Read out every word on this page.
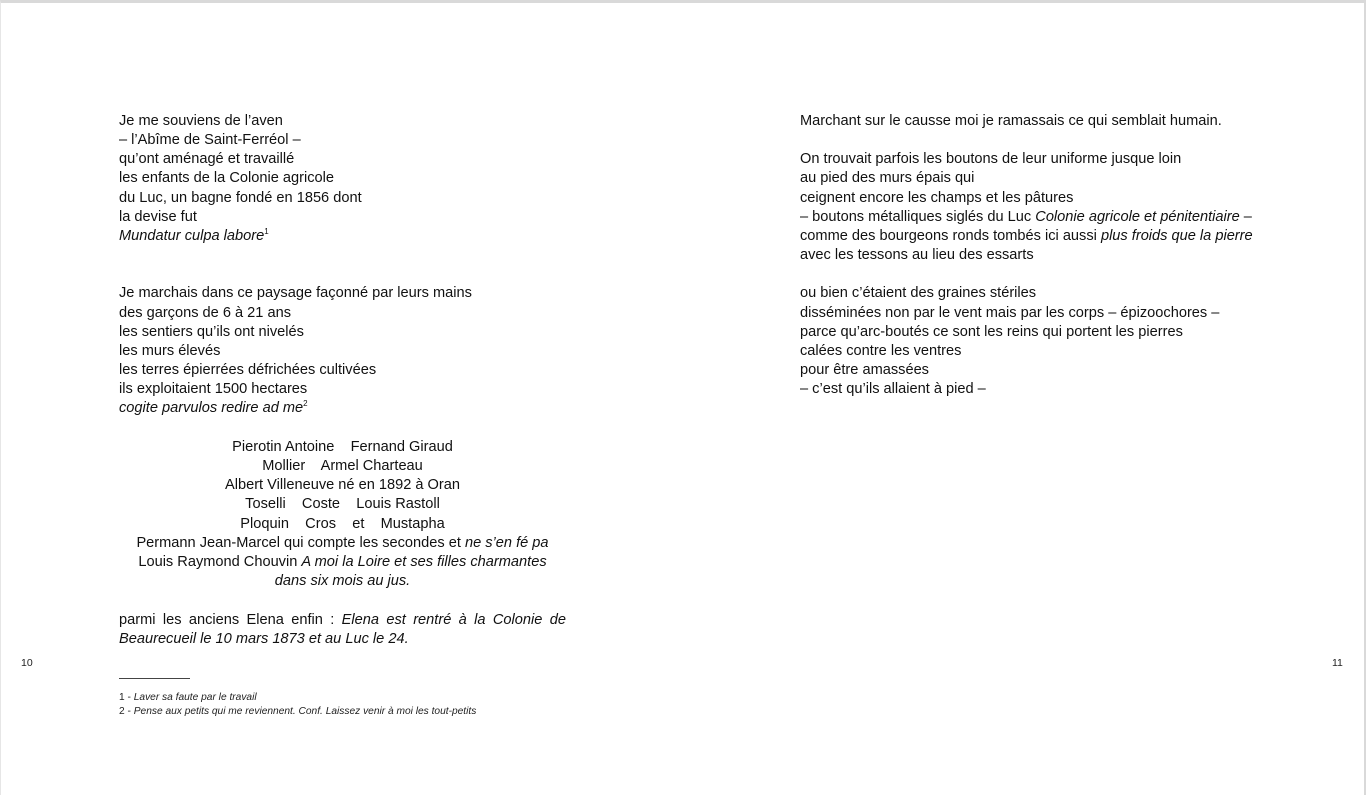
Je me souviens de l’aven
– l’Abîme de Saint-Ferréol –
qu’ont aménagé et travaillé
les enfants de la Colonie agricole
du Luc, un bagne fondé en 1856 dont
la devise fut
Mundatur culpa labore$^1$
Je marchais dans ce paysage façonné par leurs mains
des garçons de 6 à 21 ans
les sentiers qu’ils ont nivelés
les murs élevés
les terres épierrées défrichées cultivées
ils exploitaient 1500 hectares
cogite parvulos redire ad $me^2$
Pierotin Antoine    Fernand Giraud
Mollier    Armel Charteau
Albert Villeneuve né en 1892 à Oran
Toselli    Coste    Louis Rastoll
Ploquin    Cros    et    Mustapha
Permann Jean-Marcel qui compte les secondes et ne s’en fé pa
Louis Raymond Chouvin A moi la Loire et ses filles charmantes dans six mois au jus.
parmi les anciens Elena enfin : Elena est rentré à la Colonie de Beaurecueil le 10 mars 1873 et au Luc le 24.
10
1 - Laver sa faute par le travail
2 - Pense aux petits qui me reviennent. Conf. Laissez venir à moi les tout-petits
Marchant sur le causse moi je ramassais ce qui semblait humain.
On trouvait parfois les boutons de leur uniforme jusque loin
au pied des murs épais qui
ceignent encore les champs et les pâtures
– boutons métalliques siglés du Luc Colonie agricole et pénitentiaire –
comme des bourgeons ronds tombés ici aussi plus froids que la pierre
avec les tessons au lieu des essarts
ou bien c’étaient des graines stériles
disséminées non par le vent mais par les corps – épizoochores –
parce qu’arc-boutés ce sont les reins qui portent les pierres
calées contre les ventres
pour être amassées
– c’est qu’ils allaient à pied –
11
